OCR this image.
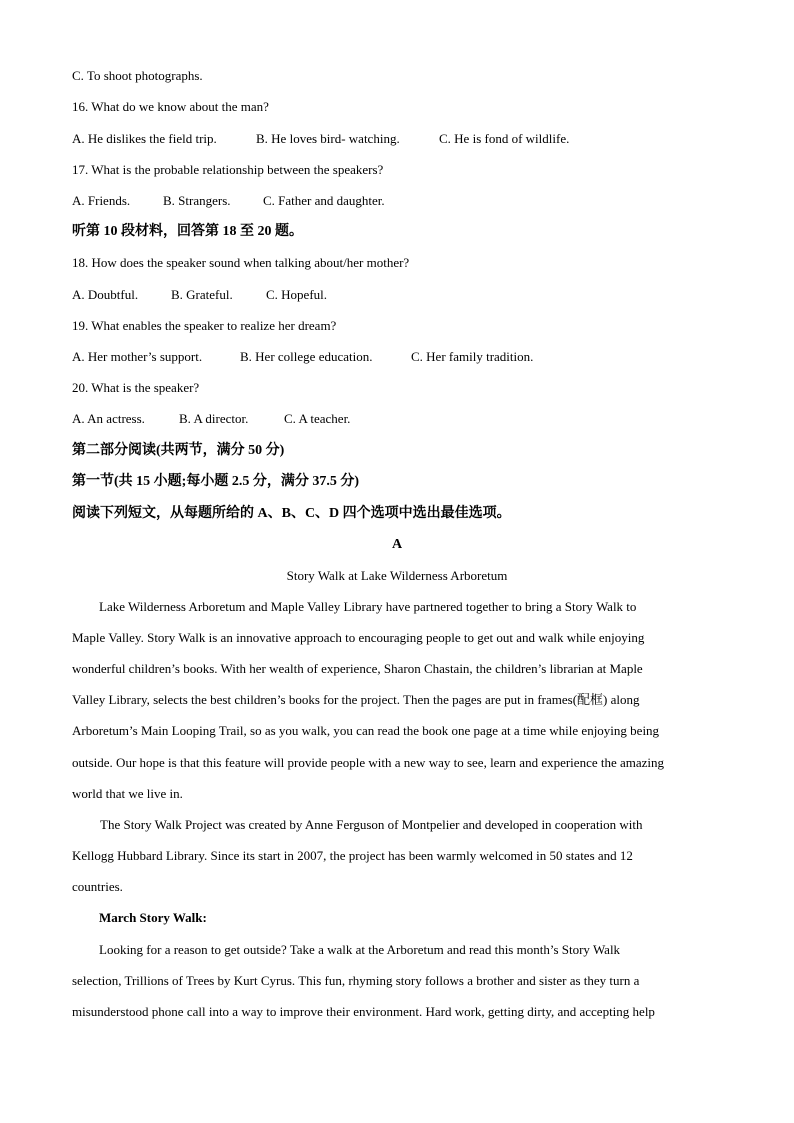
C. To shoot photographs.
16. What do we know about the man?
A. He dislikes the field trip.	B. He loves bird- watching.	C. He is fond of wildlife.
17. What is the probable relationship between the speakers?
A. Friends.	B. Strangers. C. Father and daughter.
听第 10 段材料，回答第 18 至 20 题。
18. How does the speaker sound when talking about/her mother?
A. Doubtful.	B. Grateful.	C. Hopeful.
19. What enables the speaker to realize her dream?
A. Her mother’s support.	B. Her college education.	C. Her family tradition.
20. What is the speaker?
A. An actress.	B. A director.	C. A teacher.
第二部分阅读(共两节，满分 50 分)
第一节(共 15 小题;每小题 2.5 分，满分 37.5 分)
阅读下列短文，从每题所给的 A、B、C、D 四个选项中选出最佳选项。
A
Story Walk at Lake Wilderness Arboretum
Lake Wilderness Arboretum and Maple Valley Library have partnered together to bring a Story Walk to
Maple Valley. Story Walk is an innovative approach to encouraging people to get out and walk while enjoying
wonderful children’s books. With her wealth of experience, Sharon Chastain, the children’s librarian at Maple
Valley Library, selects the best children’s books for the project. Then the pages are put in frames(配框) along
Arboretum’s Main Looping Trail, so as you walk, you can read the book one page at a time while enjoying being
outside. Our hope is that this feature will provide people with a new way to see, learn and experience the amazing
world that we live in.
The Story Walk Project was created by Anne Ferguson of Montpelier and developed in cooperation with
Kellogg Hubbard Library. Since its start in 2007, the project has been warmly welcomed in 50 states and 12
countries.
March Story Walk:
Looking for a reason to get outside? Take a walk at the Arboretum and read this month’s Story Walk
selection, Trillions of Trees by Kurt Cyrus. This fun, rhyming story follows a brother and sister as they turn a
misunderstood phone call into a way to improve their environment. Hard work, getting dirty, and accepting help
